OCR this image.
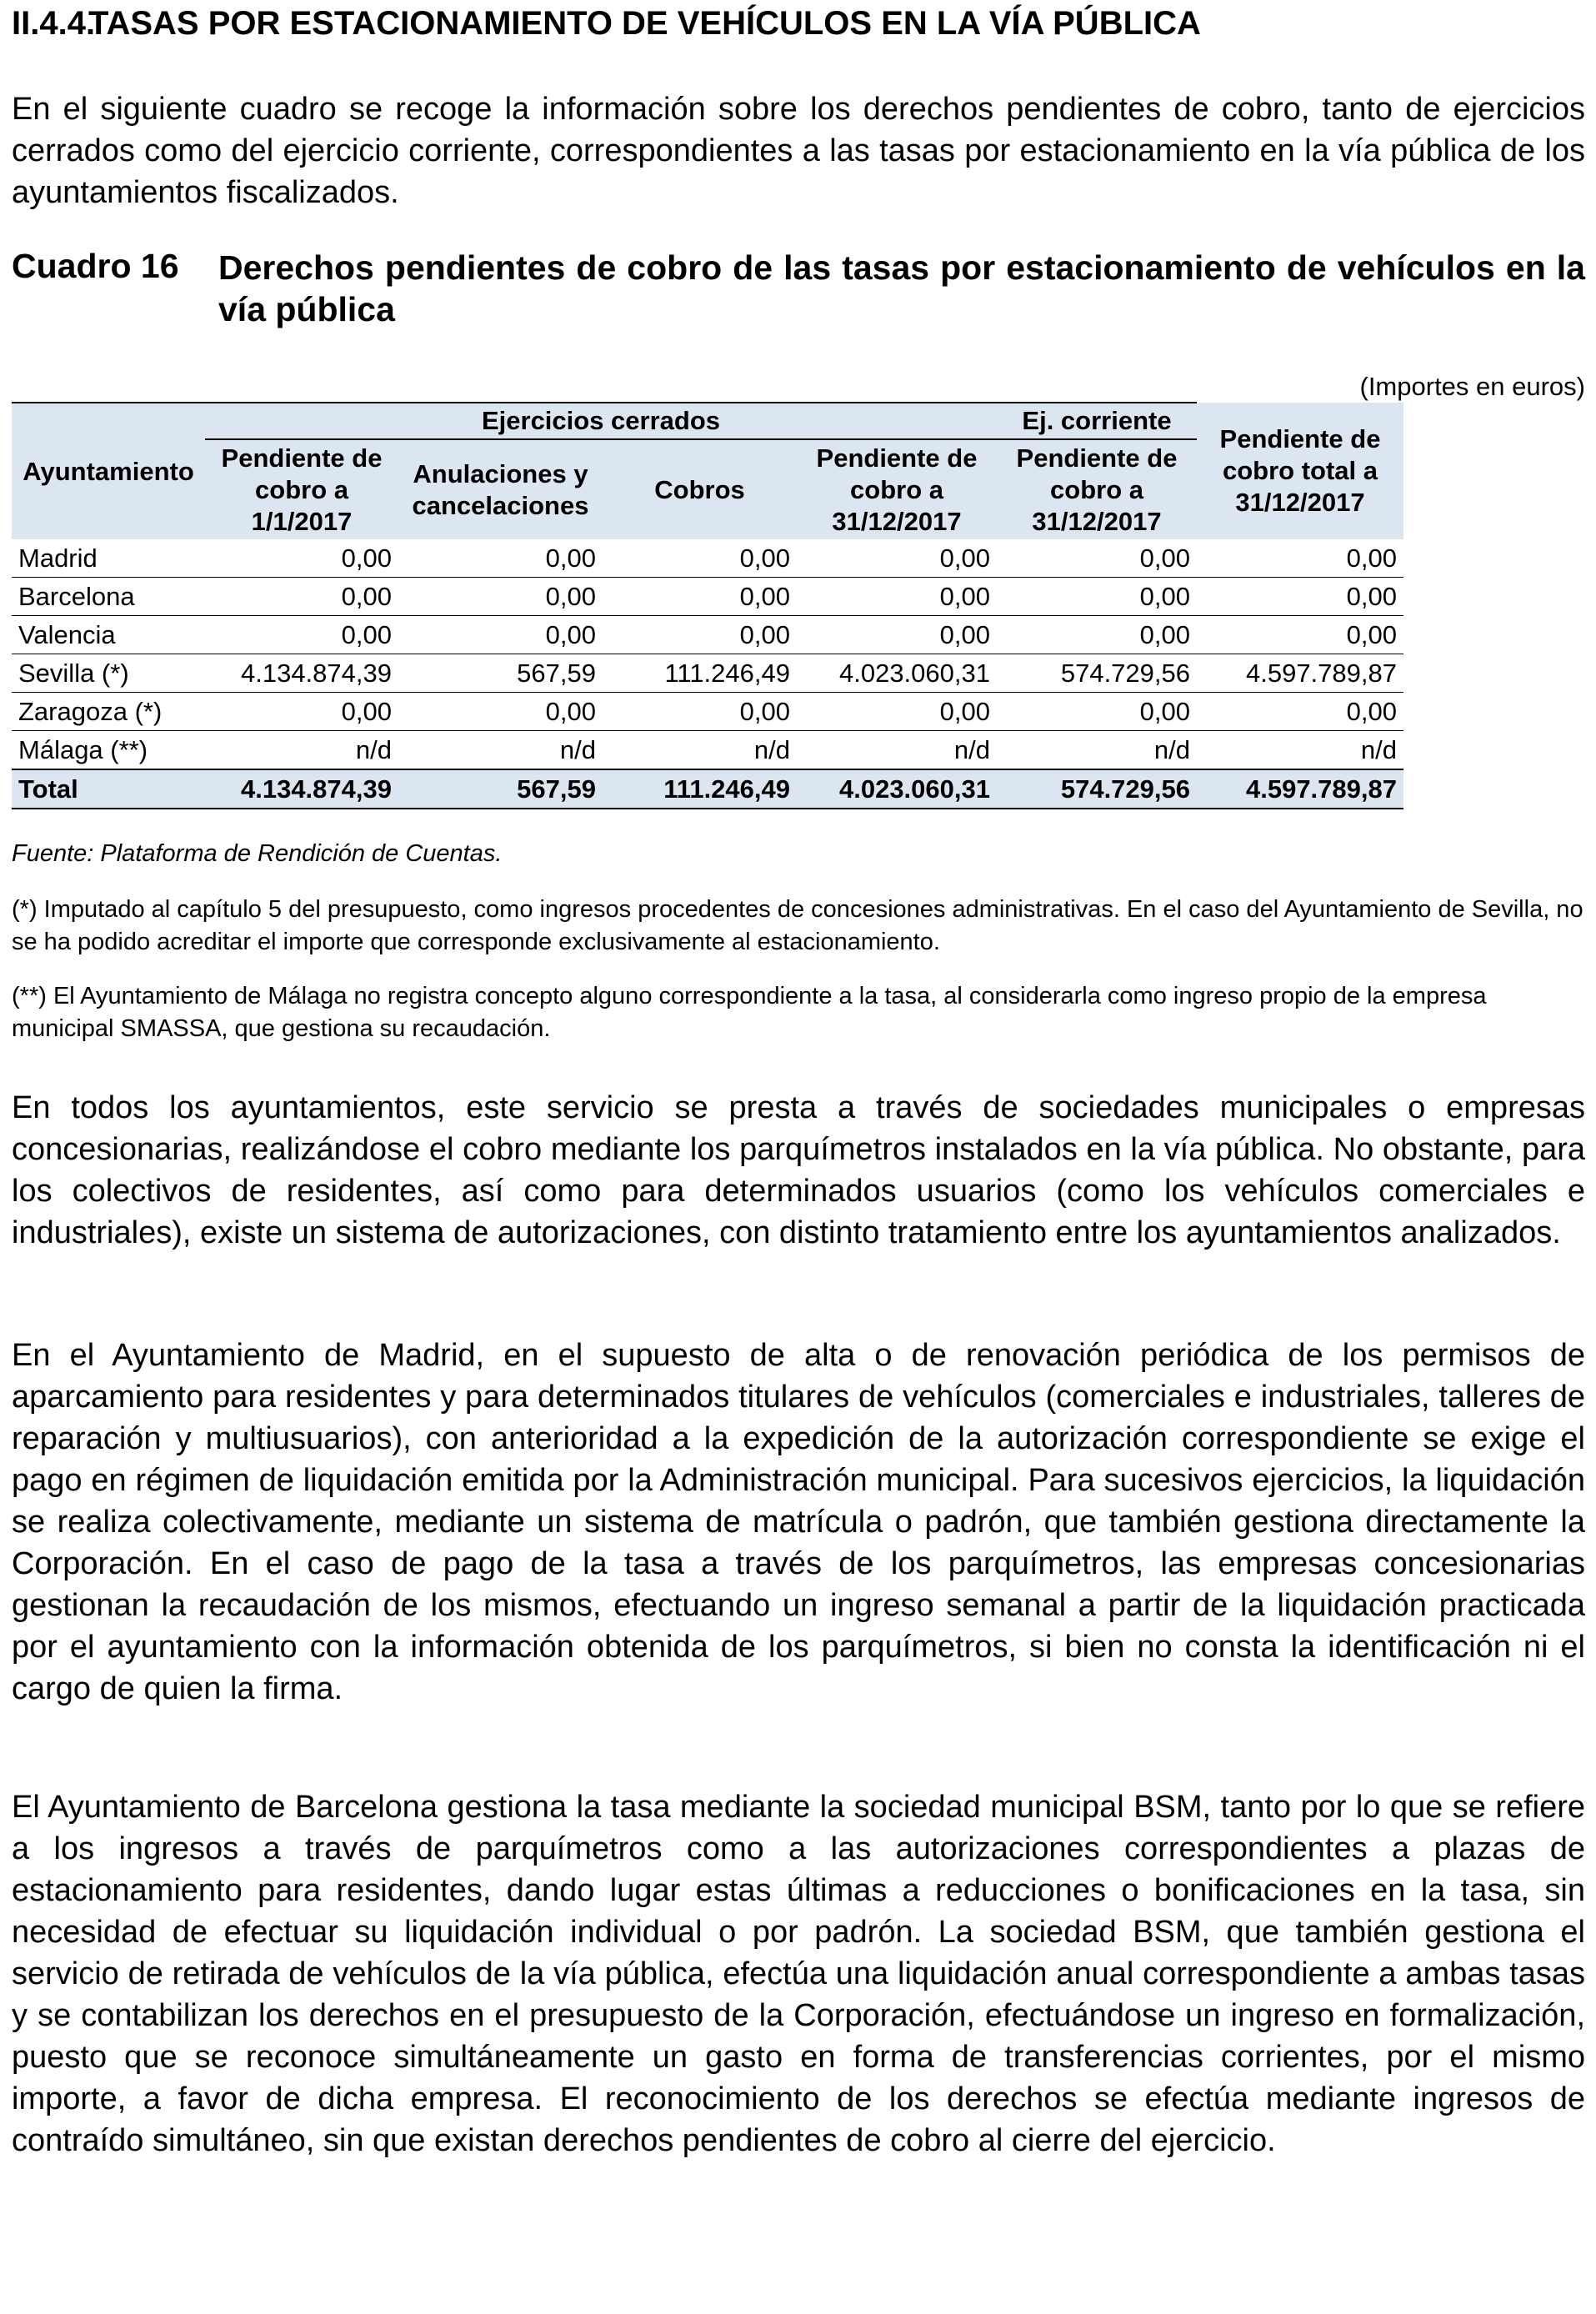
II.4.4.TASAS POR ESTACIONAMIENTO DE VEHÍCULOS EN LA VÍA PÚBLICA

En el siguiente cuadro se recoge la información sobre los derechos pendientes de cobro, tanto de ejercicios cerrados como del ejercicio corriente, correspondientes a las tasas por estacionamiento en la vía pública de los ayuntamientos fiscalizados.

Cuadro 16 Derechos pendientes de cobro de las tasas por estacionamiento de vehículos en la vía pública
(Importes en euros)
Ayuntamiento	Ejercicios cerrados				Ej. corriente	Pendiente de cobro total a 31/12/2017
	Pendiente de cobro a 1/1/2017	Anulaciones y cancelaciones	Cobros	Pendiente de cobro a 31/12/2017	Pendiente de cobro a 31/12/2017	
Madrid	0,00	0,00	0,00	0,00	0,00	0,00
Barcelona	0,00	0,00	0,00	0,00	0,00	0,00
Valencia	0,00	0,00	0,00	0,00	0,00	0,00
Sevilla (*)	4.134.874,39	567,59	111.246,49	4.023.060,31	574.729,56	4.597.789,87
Zaragoza (*)	0,00	0,00	0,00	0,00	0,00	0,00
Málaga (**)	n/d	n/d	n/d	n/d	n/d	n/d
Total	4.134.874,39	567,59	111.246,49	4.023.060,31	574.729,56	4.597.789,87
Fuente: Plataforma de Rendición de Cuentas.

(*) Imputado al capítulo 5 del presupuesto, como ingresos procedentes de concesiones administrativas. En el caso del Ayuntamiento de Sevilla, no se ha podido acreditar el importe que corresponde exclusivamente al estacionamiento.

(**) El Ayuntamiento de Málaga no registra concepto alguno correspondiente a la tasa, al considerarla como ingreso propio de la empresa municipal SMASSA, que gestiona su recaudación.

En todos los ayuntamientos, este servicio se presta a través de sociedades municipales o empresas concesionarias, realizándose el cobro mediante los parquímetros instalados en la vía pública. No obstante, para los colectivos de residentes, así como para determinados usuarios (como los vehículos comerciales e industriales), existe un sistema de autorizaciones, con distinto tratamiento entre los ayuntamientos analizados.

En el Ayuntamiento de Madrid, en el supuesto de alta o de renovación periódica de los permisos de aparcamiento para residentes y para determinados titulares de vehículos (comerciales e industriales, talleres de reparación y multiusuarios), con anterioridad a la expedición de la autorización correspondiente se exige el pago en régimen de liquidación emitida por la Administración municipal. Para sucesivos ejercicios, la liquidación se realiza colectivamente, mediante un sistema de matrícula o padrón, que también gestiona directamente la Corporación. En el caso de pago de la tasa a través de los parquímetros, las empresas concesionarias gestionan la recaudación de los mismos, efectuando un ingreso semanal a partir de la liquidación practicada por el ayuntamiento con la información obtenida de los parquímetros, si bien no consta la identificación ni el cargo de quien la firma.

El Ayuntamiento de Barcelona gestiona la tasa mediante la sociedad municipal BSM, tanto por lo que se refiere a los ingresos a través de parquímetros como a las autorizaciones correspondientes a plazas de estacionamiento para residentes, dando lugar estas últimas a reducciones o bonificaciones en la tasa, sin necesidad de efectuar su liquidación individual o por padrón. La sociedad BSM, que también gestiona el servicio de retirada de vehículos de la vía pública, efectúa una liquidación anual correspondiente a ambas tasas y se contabilizan los derechos en el presupuesto de la Corporación, efectuándose un ingreso en formalización, puesto que se reconoce simultáneamente un gasto en forma de transferencias corrientes, por el mismo importe, a favor de dicha empresa. El reconocimiento de los derechos se efectúa mediante ingresos de contraído simultáneo, sin que existan derechos pendientes de cobro al cierre del ejercicio.
